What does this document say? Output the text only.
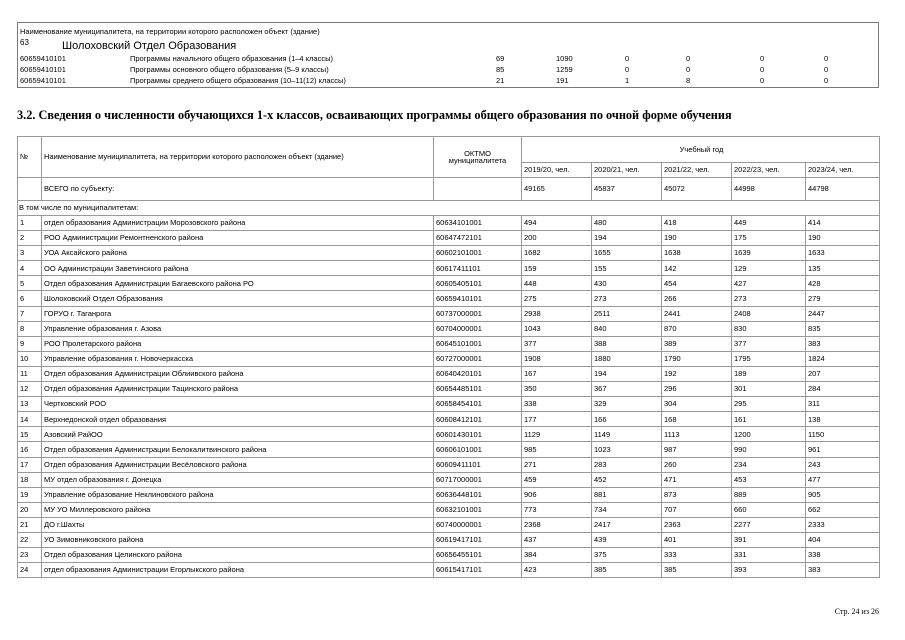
Наименование муниципалитета, на территории которого расположен объект (здание)
63	Шолоховский Отдел Образования
60659410101	Программы начального общего образования (1–4 классы)	69	1090	0	0	0	0
60659410101	Программы основного общего образования (5–9 классы)	85	1259	0	0	0	0
60659410101	Программы среднего общего образования (10–11(12) классы)	21	191	1	8	0	0
3.2. Сведения о численности обучающихся 1-х классов, осваивающих программы общего образования по очной форме обучения
№	Наименование муниципалитета, на территории которого расположен объект (здание)	ОКТМО муниципалитета	Учебный год				
			2019/20, чел.	2020/21, чел.	2021/22, чел.	2022/23, чел.	2023/24, чел.
	ВСЕГО по субъекту:		49165	45837	45072	44998	44798
В том числе по муниципалитетам:							
1	отдел образования Администрации Морозовского района	60634101001	494	480	418	449	414
2	РОО Администрации Ремонтненского района	60647472101	200	194	190	175	190
3	УОА Аксайского района	60602101001	1682	1655	1638	1639	1633
4	ОО Администрации Заветинского района	60617411101	159	155	142	129	135
5	Отдел образования Администрации Багаевского района РО	60605405101	448	430	454	427	428
6	Шолоховский Отдел Образования	60659410101	275	273	266	273	279
7	ГОРУО г. Таганрога	60737000001	2938	2511	2441	2408	2447
8	Управление образования г. Азова	60704000001	1043	840	870	830	835
9	РОО Пролетарского района	60645101001	377	388	389	377	383
10	Управление образования г. Новочеркасска	60727000001	1908	1880	1790	1795	1824
11	Отдел образования Администрации Облиивского района	60640420101	167	194	192	189	207
12	Отдел образования Администрации Тацинского района	60654485101	350	367	296	301	284
13	Чертковский РОО	60658454101	338	329	304	295	311
14	Верхнедонской отдел образования	60608412101	177	166	168	161	138
15	Азовский РайОО	60601430101	1129	1149	1113	1200	1150
16	Отдел образования Администрации Белокалитвинского района	60606101001	985	1023	987	990	961
17	Отдел образования Администрации Весёловского района	60609411101	271	283	260	234	243
18	МУ отдел образования г. Донецка	60717000001	459	452	471	453	477
19	Управление образование Неклиновского района	60636448101	906	881	873	889	905
20	МУ УО Миллеровского района	60632101001	773	734	707	660	662
21	ДО г.Шахты	60740000001	2368	2417	2363	2277	2333
22	УО Зимовниковского района	60619417101	437	439	401	391	404
23	Отдел образования Целинского района	60656455101	384	375	333	331	338
24	отдел образования Администрации Егорлыкского района	60615417101	423	385	385	393	383
Стр. 24 из 26
